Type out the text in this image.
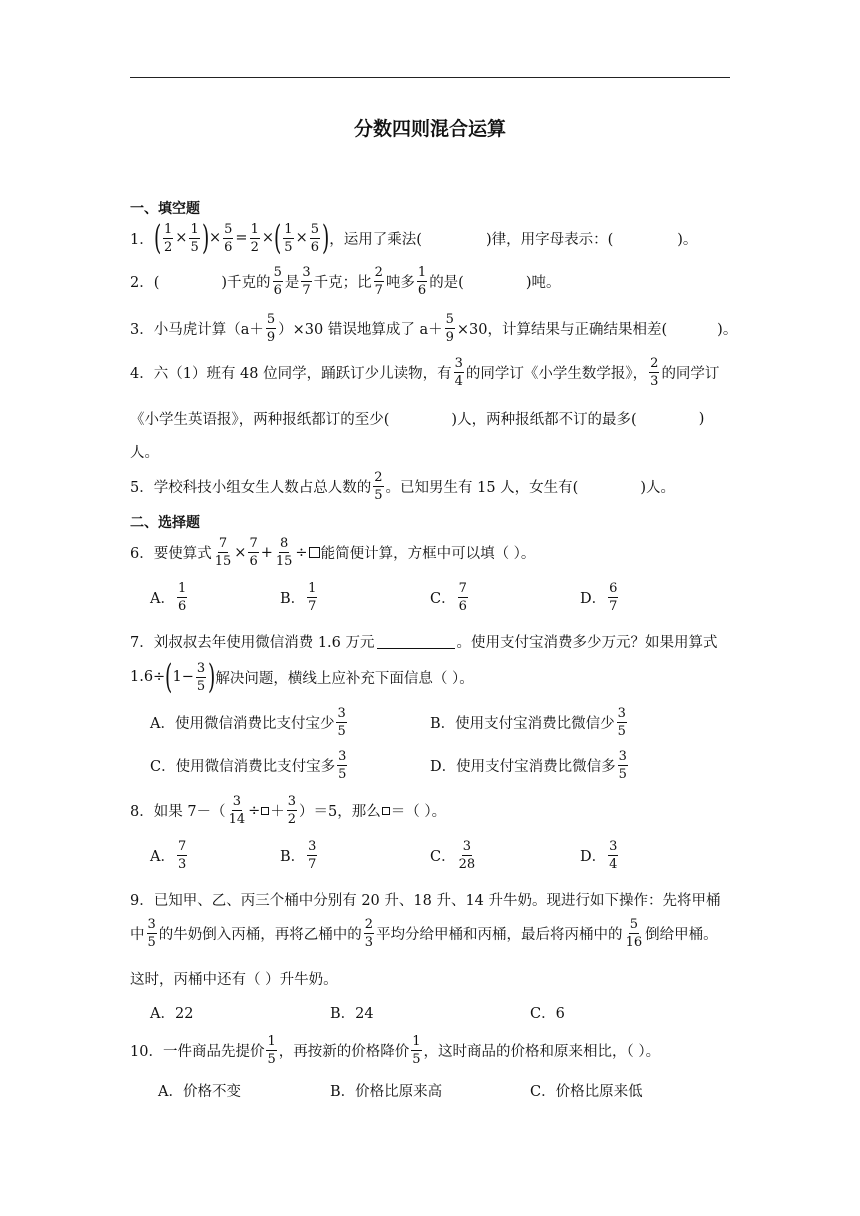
分数四则混合运算
一、填空题
1． ( $\frac{1}{2} \times \frac{1}{5}$ ) × $\frac{5}{6} = \frac{1}{2}$ × ( $\frac{1}{5} \times \frac{5}{6}$ ) ，运用了乘法(	)律，用字母表示：(	)。
2．(	)千克的 $\frac{5}{6}$ 是 $\frac{3}{7}$ 千克；比 $\frac{2}{7}$ 吨多 $\frac{1}{6}$ 的是(	)吨。
3．小马虎计算$(a+ \frac{5}{9} )\times 30$ 错误地算成了 $a+ \frac{5}{9} \times 30$，计算结果与正确结果相差(	)。
4．六（1）班有 48 位同学，踊跃订少儿读物，有 $\frac{3}{4}$ 的同学订《小学生数学报》， $\frac{2}{3}$ 的同学订
《小学生英语报》，两种报纸都订的至少(	)人，两种报纸都不订的最多(	)
人。
5．学校科技小组女生人数占总人数的 $\frac{2}{5}$ 。已知男生有 15 人，女生有(	)人。
二、选择题
6．要使算式 $\frac{7}{15} \times \frac{7}{6} + \frac{8}{15}$ ÷ 能简便计算，方框中可以填（ ）。
A． $\frac{1}{6}$	B． $\frac{1}{7}$	C． $\frac{7}{6}$	D． $\frac{6}{7}$
7．刘叔叔去年使用微信消费 1.6 万元	。使用支付宝消费多少万元？如果用算式
1.6÷ ( $1 - \frac{3}{5}$ ) 解决问题，横线上应补充下面信息（ ）。
A．使用微信消费比支付宝少 $\frac{3}{5}$	B．使用支付宝消费比微信少 $\frac{3}{5}$
C．使用微信消费比支付宝多 $\frac{3}{5}$	D．使用支付宝消费比微信多 $\frac{3}{5}$
8．如果 $7-( \frac{3}{14}$ ÷ ＋ $\frac{3}{2} )=5$，那么 ＝（ ）。
A． $\frac{7}{3}$	B． $\frac{3}{7}$	C． $\frac{3}{28}$	D． $\frac{3}{4}$
9．已知甲、乙、丙三个桶中分别有 20 升、18 升、14 升牛奶。现进行如下操作：先将甲桶
中 $\frac{3}{5}$ 的牛奶倒入丙桶，再将乙桶中的 $\frac{2}{3}$ 平均分给甲桶和丙桶，最后将丙桶中的 $\frac{5}{16}$ 倒给甲桶。
这时，丙桶中还有（ ）升牛奶。
A．22	B．24	C．6
10．一件商品先提价 $\frac{1}{5}$ ，再按新的价格降价 $\frac{1}{5}$ ，这时商品的价格和原来相比，（ ）。
A．价格不变	B．价格比原来高	C．价格比原来低
